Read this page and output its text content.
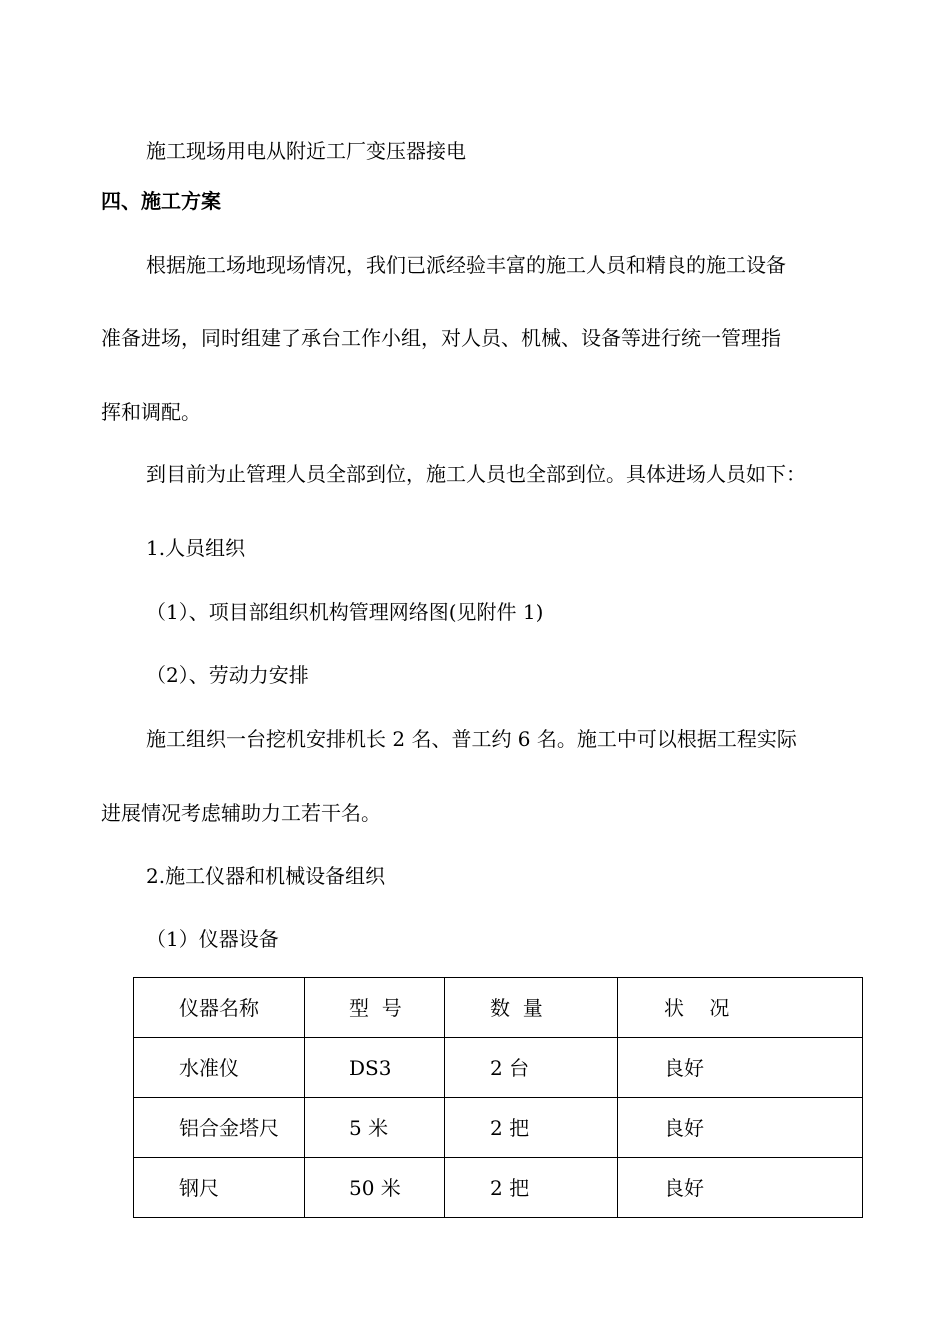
施工现场用电从附近工厂变压器接电

四、施工方案

根据施工场地现场情况，我们已派经验丰富的施工人员和精良的施工设备

准备进场，同时组建了承台工作小组，对人员、机械、设备等进行统一管理指

挥和调配。

到目前为止管理人员全部到位，施工人员也全部到位。具体进场人员如下：

1.人员组织

（1）、项目部组织机构管理网络图(见附件 1)

（2）、劳动力安排

施工组织一台挖机安排机长 2 名、普工约 6 名。施工中可以根据工程实际

进展情况考虑辅助力工若干名。

2.施工仪器和机械设备组织

（1）仪器设备

仪器名称	型  号	数  量	状    况
水准仪	DS3	2 台	良好
铝合金塔尺	5 米	2 把	良好
钢尺	50 米	2 把	良好
